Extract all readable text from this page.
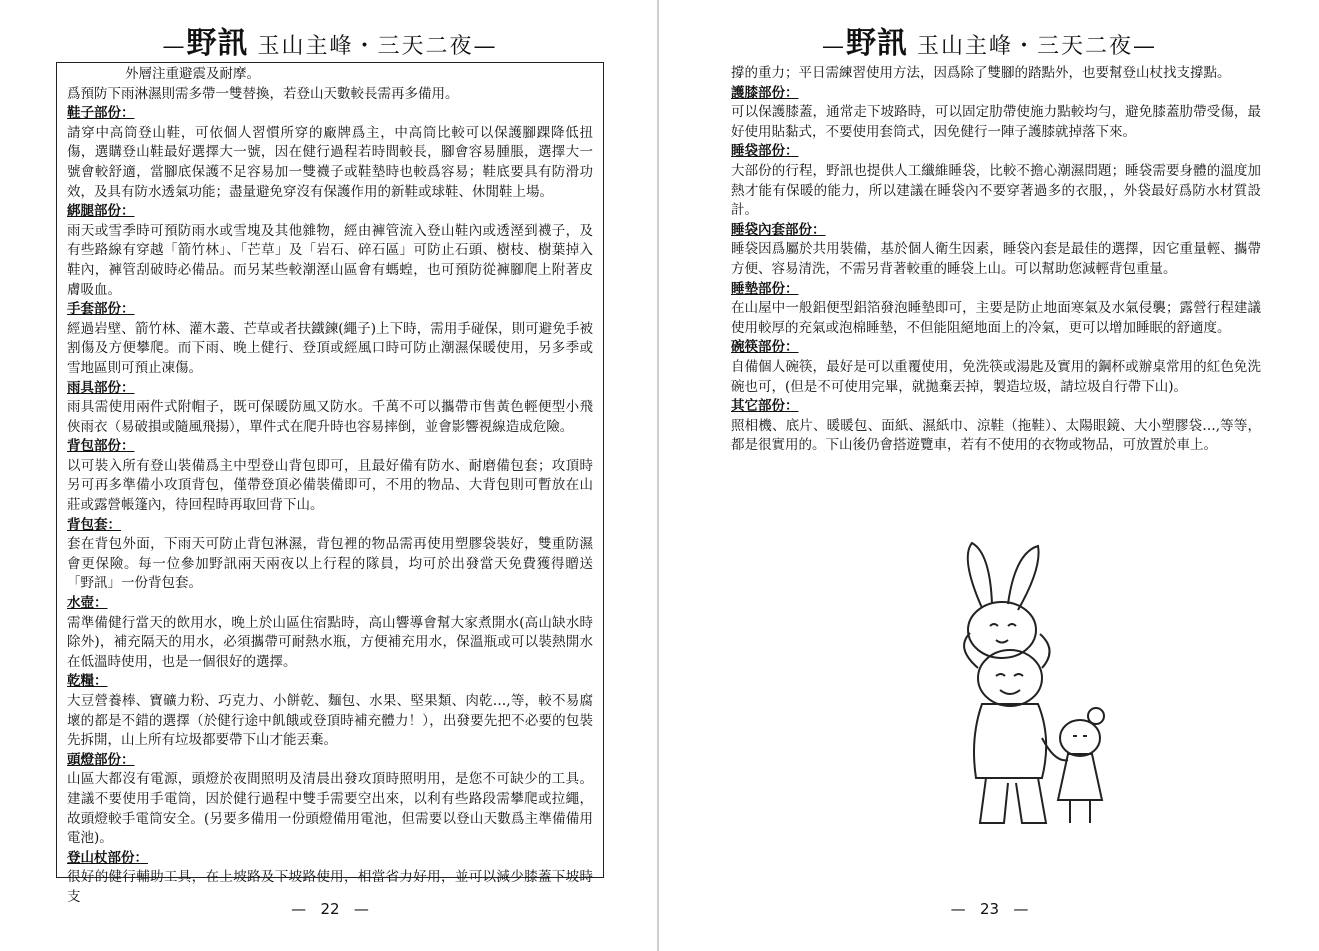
—野訊 玉山主峰・三天二夜—

外層注重避震及耐摩。

爲預防下雨淋濕則需多帶一雙替換，若登山天數較長需再多備用。

鞋子部份：

請穿中高筒登山鞋，可依個人習慣所穿的廠牌爲主，中高筒比較可以保護腳踝降低扭傷，選購登山鞋最好選擇大一號，因在健行過程若時間較長，腳會容易腫脹，選擇大一號會較舒適，當腳底保護不足容易加一雙襪子或鞋墊時也較爲容易；鞋底要具有防滑功效，及具有防水透氣功能；盡量避免穿沒有保護作用的新鞋或球鞋、休閒鞋上場。

綁腿部份：

雨天或雪季時可預防雨水或雪塊及其他雜物，經由褲管流入登山鞋內或透溼到襪子，及有些路線有穿越「箭竹林」、「芒草」及「岩石、碎石區」可防止石頭、樹枝、樹葉掉入鞋內，褲管刮破時必備品。而另某些較潮溼山區會有螞蝗，也可預防從褲腳爬上附著皮膚吸血。

手套部份：

經過岩壁、箭竹林、灌木叢、芒草或者扶鐵鍊(繩子)上下時，需用手碰保，則可避免手被割傷及方便攀爬。而下雨、晚上健行、登頂或經風口時可防止潮濕保暖使用，另多季或雪地區則可預止凍傷。

雨具部份：

雨具需使用兩件式附帽子，既可保暖防風又防水。千萬不可以攜帶市售黃色輕便型小飛俠雨衣（易破損或隨風飛揚），單件式在爬升時也容易摔倒，並會影響視線造成危險。

背包部份：

以可裝入所有登山裝備爲主中型登山背包即可，且最好備有防水、耐磨備包套；攻頂時另可再多準備小攻頂背包，僅帶登頂必備裝備即可，不用的物品、大背包則可暫放在山莊或露營帳篷內，待回程時再取回背下山。

背包套：

套在背包外面，下雨天可防止背包淋濕，背包裡的物品需再使用塑膠袋裝好，雙重防濕會更保險。每一位參加野訊兩天兩夜以上行程的隊員，均可於出發當天免費獲得贈送「野訊」一份背包套。

水壺：

需準備健行當天的飲用水，晚上於山區住宿點時，高山響導會幫大家煮開水(高山缺水時除外)，補充隔天的用水，必須攜帶可耐熱水瓶，方便補充用水，保溫瓶或可以裝熱開水在低溫時使用，也是一個很好的選擇。

乾糧：

大豆營養棒、寶礦力粉、巧克力、小餅乾、麵包、水果、堅果類、肉乾…,等，較不易腐壞的都是不錯的選擇（於健行途中飢餓或登頂時補充體力！），出發要先把不必要的包裝先拆開，山上所有垃圾都要帶下山才能丟棄。

頭燈部份：

山區大都沒有電源，頭燈於夜間照明及清晨出發攻頂時照明用，是您不可缺少的工具。建議不要使用手電筒，因於健行過程中雙手需要空出來，以利有些路段需攀爬或拉繩，故頭燈較手電筒安全。(另要多備用一份頭燈備用電池，但需要以登山天數爲主準備備用電池)。

登山杖部份：

很好的健行輔助工具，在上坡路及下坡路使用，相當省力好用，並可以減少膝蓋下坡時支

— 22 —
—野訊 玉山主峰・三天二夜—

撐的重力；平日需練習使用方法，因爲除了雙腳的踏點外，也要幫登山杖找支撐點。

護膝部份：

可以保護膝蓋，通常走下坡路時，可以固定肋帶使施力點較均勻，避免膝蓋肋帶受傷，最好使用貼黏式，不要使用套筒式，因免健行一陣子護膝就掉落下來。

睡袋部份：

大部份的行程，野訊也提供人工纖維睡袋，比較不擔心潮濕問題；睡袋需要身體的溫度加熱才能有保暖的能力，所以建議在睡袋內不要穿著過多的衣服，，外袋最好爲防水材質設計。

睡袋內套部份：

睡袋因爲屬於共用裝備，基於個人衛生因素，睡袋內套是最佳的選擇，因它重量輕、攜帶方便、容易清洗，不需另背著較重的睡袋上山。可以幫助您減輕背包重量。

睡墊部份：

在山屋中一般鋁便型鋁箔發泡睡墊即可，主要是防止地面寒氣及水氣侵襲；露營行程建議使用較厚的充氣或泡棉睡墊，不但能阻絕地面上的冷氣，更可以增加睡眠的舒適度。

碗筷部份：

自備個人碗筷，最好是可以重覆使用，免洗筷或湯匙及實用的鋼杯或辦桌常用的紅色免洗碗也可，(但是不可使用完畢，就拋棄丟掉，製造垃圾，請垃圾自行帶下山)。

其它部份：

照相機、底片、暖暖包、面紙、濕紙巾、涼鞋（拖鞋）、太陽眼鏡、大小塑膠袋…,等等，都是很實用的。下山後仍會搭遊覽車，若有不使用的衣物或物品，可放置於車上。

— 23 —
